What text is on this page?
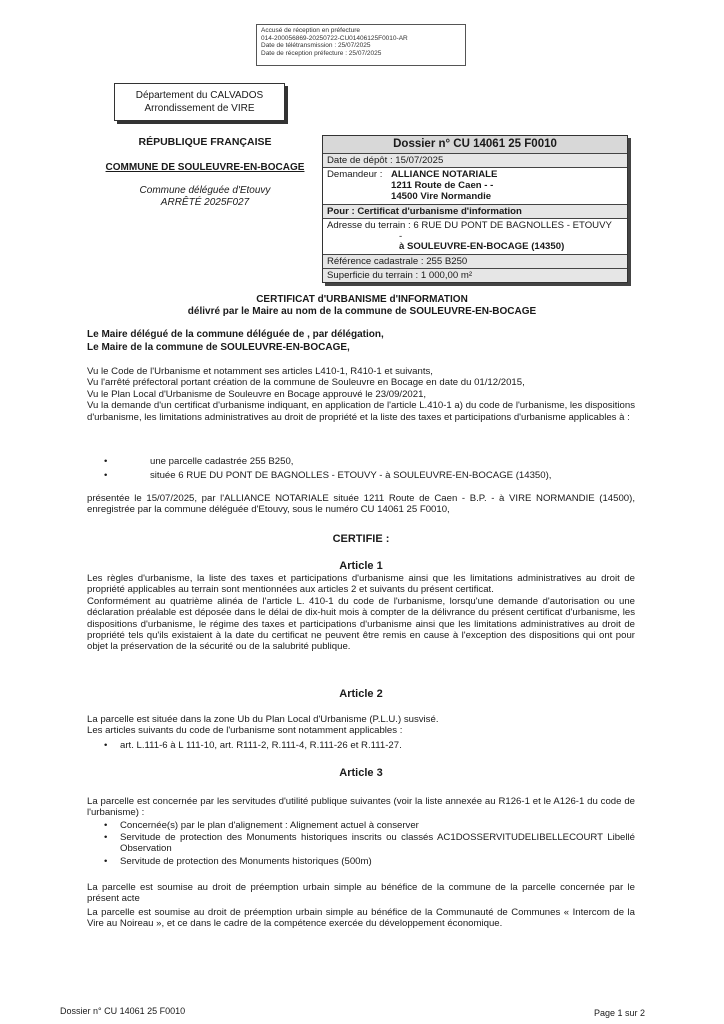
Accusé de réception en préfecture
014-200056869-20250722-CU01406125F0010-AR
Date de télétransmission : 25/07/2025
Date de réception préfecture : 25/07/2025
Département du CALVADOS
Arrondissement de VIRE
RÉPUBLIQUE FRANÇAISE
COMMUNE DE SOULEUVRE-EN-BOCAGE
Commune déléguée d'Etouvy
ARRÊTÉ 2025F027
Dossier n° CU 14061 25 F0010
Date de dépôt : 15/07/2025
Demandeur : ALLIANCE NOTARIALE
1211 Route de Caen - -
14500 Vire Normandie
Pour : Certificat d'urbanisme d'information
Adresse du terrain : 6 RUE DU PONT DE BAGNOLLES - ETOUVY
-
à SOULEUVRE-EN-BOCAGE (14350)
Référence cadastrale : 255 B250
Superficie du terrain : 1 000,00 m²
CERTIFICAT d'URBANISME d'INFORMATION
délivré par le Maire au nom de la commune de SOULEUVRE-EN-BOCAGE
Le Maire délégué de la commune déléguée de , par délégation,
Le Maire de la commune de SOULEUVRE-EN-BOCAGE,
Vu le Code de l'Urbanisme et notamment ses articles L410-1, R410-1 et suivants,
Vu l'arrêté préfectoral portant création de la commune de Souleuvre en Bocage en date du 01/12/2015,
Vu le Plan Local d'Urbanisme de Souleuvre en Bocage approuvé le 23/09/2021,
Vu la demande d'un certificat d'urbanisme indiquant, en application de l'article L.410-1 a) du code de l'urbanisme, les dispositions d'urbanisme, les limitations administratives au droit de propriété et la liste des taxes et participations d'urbanisme applicables à :
•	une parcelle cadastrée 255 B250,
•	située 6 RUE DU PONT DE BAGNOLLES - ETOUVY - à SOULEUVRE-EN-BOCAGE (14350),
présentée le 15/07/2025, par l'ALLIANCE NOTARIALE située 1211 Route de Caen - B.P. - à VIRE NORMANDIE (14500), enregistrée par la commune déléguée d'Etouvy, sous le numéro CU 14061 25 F0010,
CERTIFIE :
Article 1
Les règles d'urbanisme, la liste des taxes et participations d'urbanisme ainsi que les limitations administratives au droit de propriété applicables au terrain sont mentionnées aux articles 2 et suivants du présent certificat.
Conformément au quatrième alinéa de l'article L. 410-1 du code de l'urbanisme, lorsqu'une demande d'autorisation ou une déclaration préalable est déposée dans le délai de dix-huit mois à compter de la délivrance du présent certificat d'urbanisme, les dispositions d'urbanisme, le régime des taxes et participations d'urbanisme ainsi que les limitations administratives au droit de propriété tels qu'ils existaient à la date du certificat ne peuvent être remis en cause à l'exception des dispositions qui ont pour objet la préservation de la sécurité ou de la salubrité publique.
Article 2
La parcelle est située dans la zone Ub du Plan Local d'Urbanisme (P.L.U.) susvisé.
Les articles suivants du code de l'urbanisme sont notamment applicables :
• art. L.111-6 à L 111-10, art. R111-2, R.111-4, R.111-26 et R.111-27.
Article 3
La parcelle est concernée par les servitudes d'utilité publique suivantes (voir la liste annexée au R126-1 et le A126-1 du code de l'urbanisme) :
• Concernée(s) par le plan d'alignement : Alignement actuel à conserver
• Servitude de protection des Monuments historiques inscrits ou classés AC1DOSSERVITUDELIBELLECOURT Libellé Observation
• Servitude de protection des Monuments historiques (500m)
La parcelle est soumise au droit de préemption urbain simple au bénéfice de la commune de la parcelle concernée par le présent acte
La parcelle est soumise au droit de préemption urbain simple au bénéfice de la Communauté de Communes « Intercom de la Vire au Noireau », et ce dans le cadre de la compétence exercée du développement économique.
Dossier n° CU 14061 25 F0010	Page 1 sur 2
